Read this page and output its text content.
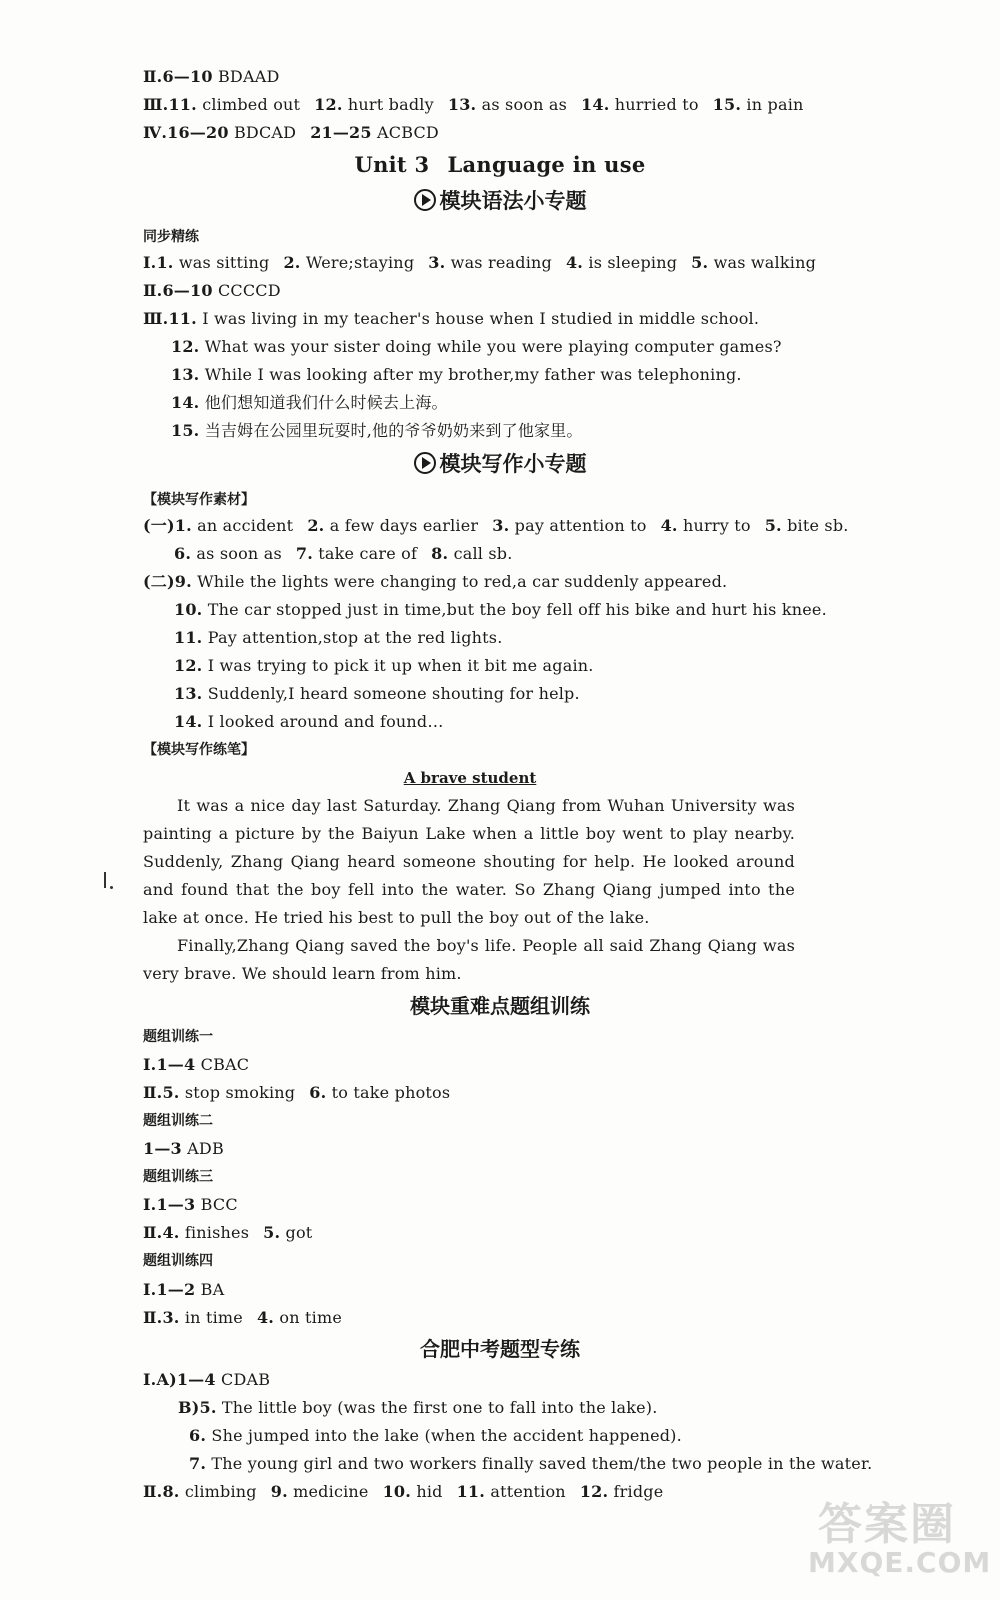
Ⅱ.6—10 BDAAD
Ⅲ.11. climbed out 12. hurt badly 13. as soon as 14. hurried to 15. in pain
Ⅳ.16—20 BDCAD 21—25 ACBCD
Unit 3 Language in use
模块语法小专题
同步精练
Ⅰ.1. was sitting 2. Were;staying 3. was reading 4. is sleeping 5. was walking
Ⅱ.6—10 CCCCD
Ⅲ.11. I was living in my teacher's house when I studied in middle school.
12. What was your sister doing while you were playing computer games?
13. While I was looking after my brother,my father was telephoning.
14. 他们想知道我们什么时候去上海。
15. 当吉姆在公园里玩耍时,他的爷爷奶奶来到了他家里。
模块写作小专题
【模块写作素材】
(一)1. an accident 2. a few days earlier 3. pay attention to 4. hurry to 5. bite sb.
6. as soon as 7. take care of 8. call sb.
(二)9. While the lights were changing to red,a car suddenly appeared.
10. The car stopped just in time,but the boy fell off his bike and hurt his knee.
11. Pay attention,stop at the red lights.
12. I was trying to pick it up when it bit me again.
13. Suddenly,I heard someone shouting for help.
14. I looked around and found…
【模块写作练笔】
A brave student
It was a nice day last Saturday. Zhang Qiang from Wuhan University was painting a picture by the Baiyun Lake when a little boy went to play nearby. Suddenly, Zhang Qiang heard someone shouting for help. He looked around and found that the boy fell into the water. So Zhang Qiang jumped into the lake at once. He tried his best to pull the boy out of the lake.
Finally,Zhang Qiang saved the boy's life. People all said Zhang Qiang was very brave. We should learn from him.
模块重难点题组训练
题组训练一
Ⅰ.1—4 CBAC
Ⅱ.5. stop smoking 6. to take photos
题组训练二
1—3 ADB
题组训练三
Ⅰ.1—3 BCC
Ⅱ.4. finishes 5. got
题组训练四
Ⅰ.1—2 BA
Ⅱ.3. in time 4. on time
合肥中考题型专练
Ⅰ.A)1—4 CDAB
B)5. The little boy (was the first one to fall into the lake).
6. She jumped into the lake (when the accident happened).
7. The young girl and two workers finally saved them/the two people in the water.
Ⅱ.8. climbing 9. medicine 10. hid 11. attention 12. fridge
答案圈
MXQE.COM
